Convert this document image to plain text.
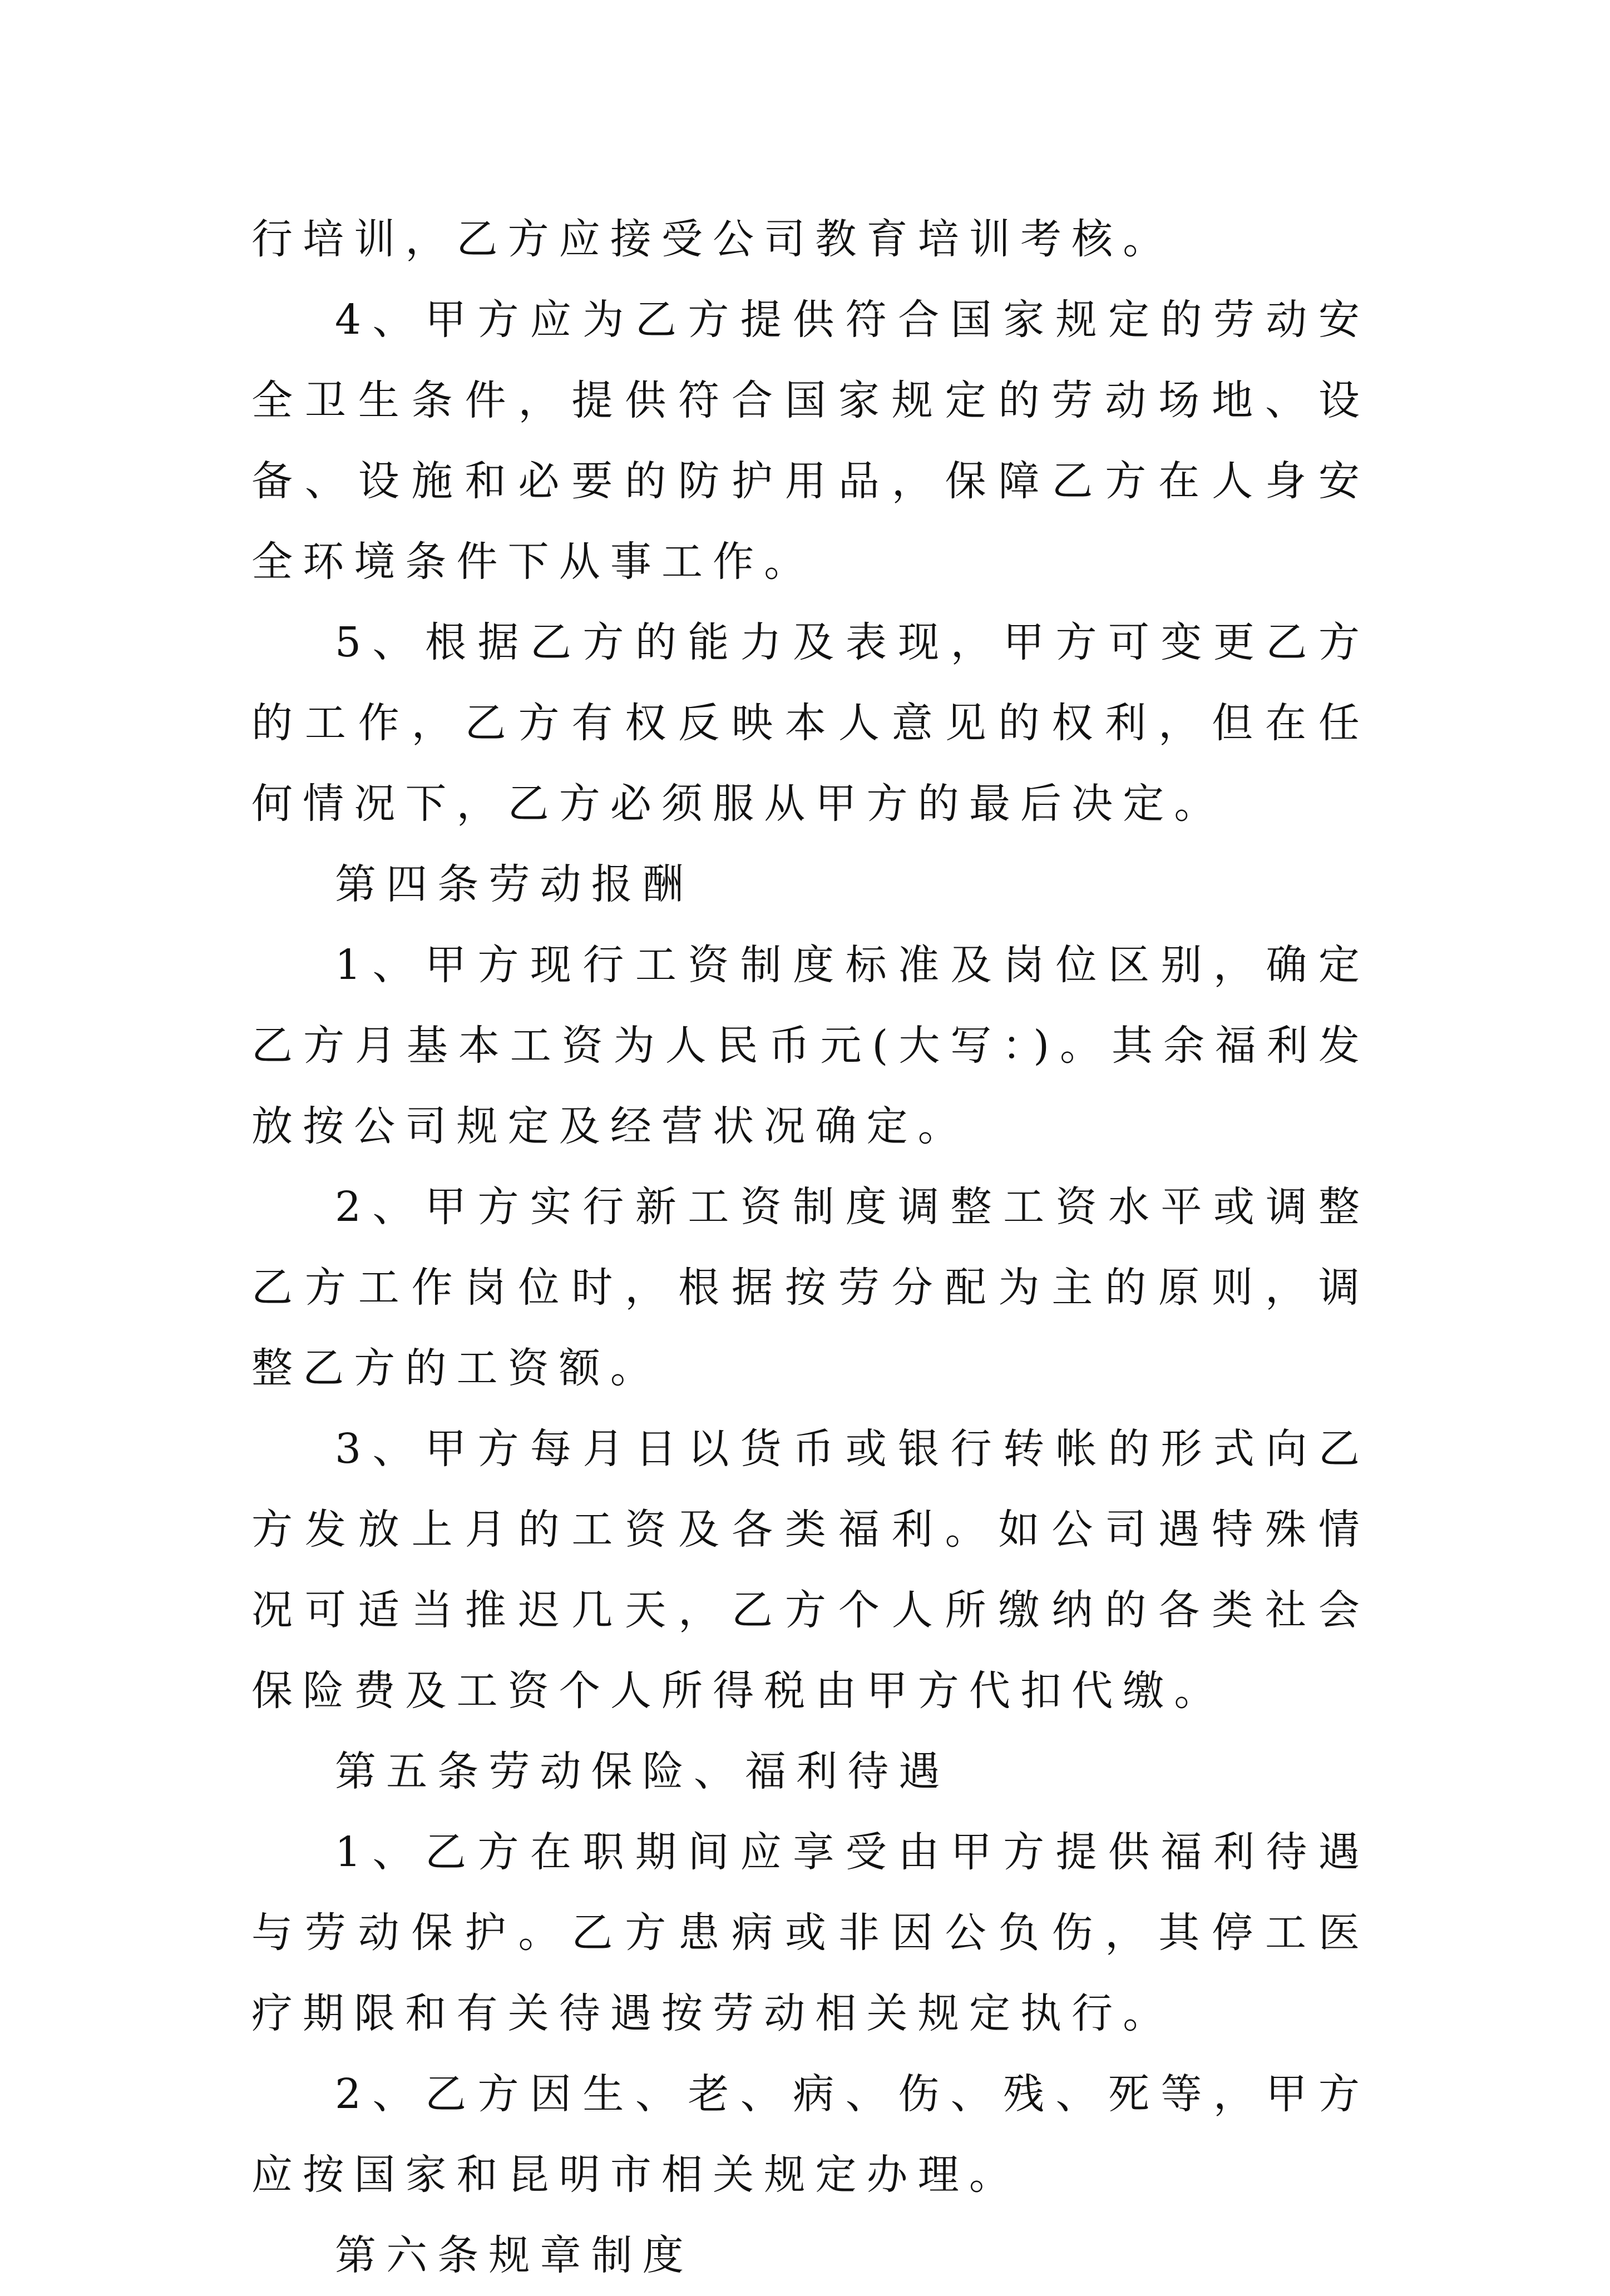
行培训，乙方应接受公司教育培训考核。

4、甲方应为乙方提供符合国家规定的劳动安全卫生条件，提供符合国家规定的劳动场地、设备、设施和必要的防护用品，保障乙方在人身安全环境条件下从事工作。

5、根据乙方的能力及表现，甲方可变更乙方的工作，乙方有权反映本人意见的权利，但在任何情况下，乙方必须服从甲方的最后决定。

第四条劳动报酬

1、甲方现行工资制度标准及岗位区别，确定乙方月基本工资为人民币元(大写：)。其余福利发放按公司规定及经营状况确定。

2、甲方实行新工资制度调整工资水平或调整乙方工作岗位时，根据按劳分配为主的原则，调整乙方的工资额。

3、甲方每月日以货币或银行转帐的形式向乙方发放上月的工资及各类福利。如公司遇特殊情况可适当推迟几天，乙方个人所缴纳的各类社会保险费及工资个人所得税由甲方代扣代缴。

第五条劳动保险、福利待遇

1、乙方在职期间应享受由甲方提供福利待遇与劳动保护。乙方患病或非因公负伤，其停工医疗期限和有关待遇按劳动相关规定执行。

2、乙方因生、老、病、伤、残、死等，甲方应按国家和昆明市相关规定办理。

第六条规章制度
